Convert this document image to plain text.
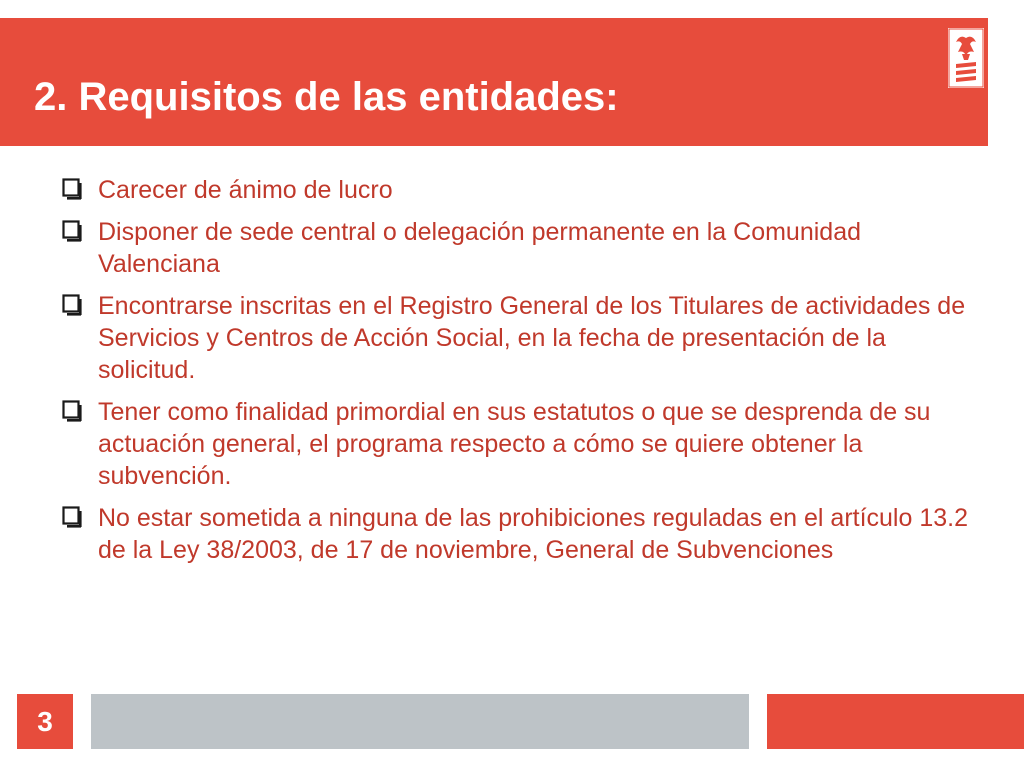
2. Requisitos de las entidades:

Carecer de ánimo de lucro

Disponer de sede central o delegación permanente en la Comunidad Valenciana

Encontrarse inscritas en el Registro General de los Titulares de actividades de Servicios y Centros de Acción Social, en la fecha de presentación de la solicitud.

Tener como finalidad primordial en sus estatutos o que se desprenda de su actuación general, el programa respecto a cómo se quiere obtener la subvención.

No estar sometida a ninguna de las prohibiciones reguladas en el artículo 13.2 de la Ley 38/2003, de 17 de noviembre, General de Subvenciones

3
